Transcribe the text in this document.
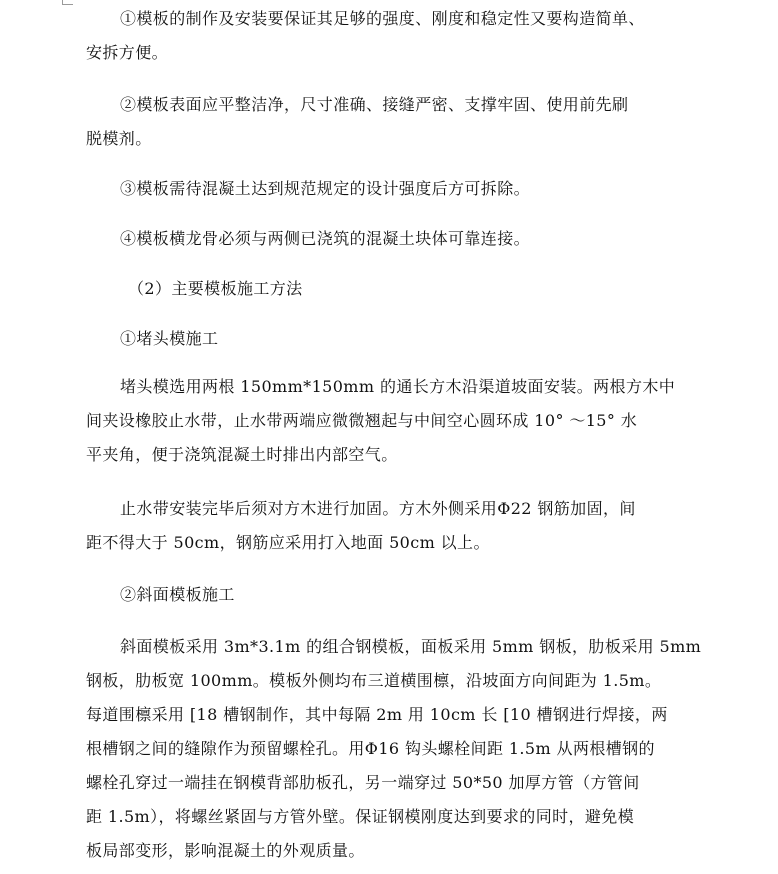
①模板的制作及安装要保证其足够的强度、刚度和稳定性又要构造简单、
安拆方便。
②模板表面应平整洁净，尺寸准确、接缝严密、支撑牢固、使用前先刷
脱模剂。
③模板需待混凝土达到规范规定的设计强度后方可拆除。
④模板横龙骨必须与两侧已浇筑的混凝土块体可靠连接。
（2）主要模板施工方法
①堵头模施工
堵头模选用两根 150mm*150mm 的通长方木沿渠道坡面安装。两根方木中
间夹设橡胶止水带，止水带两端应微微翘起与中间空心圆环成 10° ～15° 水
平夹角，便于浇筑混凝土时排出内部空气。
止水带安装完毕后须对方木进行加固。方木外侧采用Φ22 钢筋加固，间
距不得大于 50cm，钢筋应采用打入地面 50cm 以上。
②斜面模板施工
斜面模板采用 3m*3.1m 的组合钢模板，面板采用 5mm 钢板，肋板采用 5mm
钢板，肋板宽 100mm。模板外侧均布三道横围檩，沿坡面方向间距为 1.5m。
每道围檩采用 [18 槽钢制作，其中每隔 2m 用 10cm 长 [10 槽钢进行焊接，两
根槽钢之间的缝隙作为预留螺栓孔。用Φ16 钩头螺栓间距 1.5m 从两根槽钢的
螺栓孔穿过一端挂在钢模背部肋板孔，另一端穿过 50*50 加厚方管（方管间
距 1.5m），将螺丝紧固与方管外壁。保证钢模刚度达到要求的同时，避免模
板局部变形，影响混凝土的外观质量。
